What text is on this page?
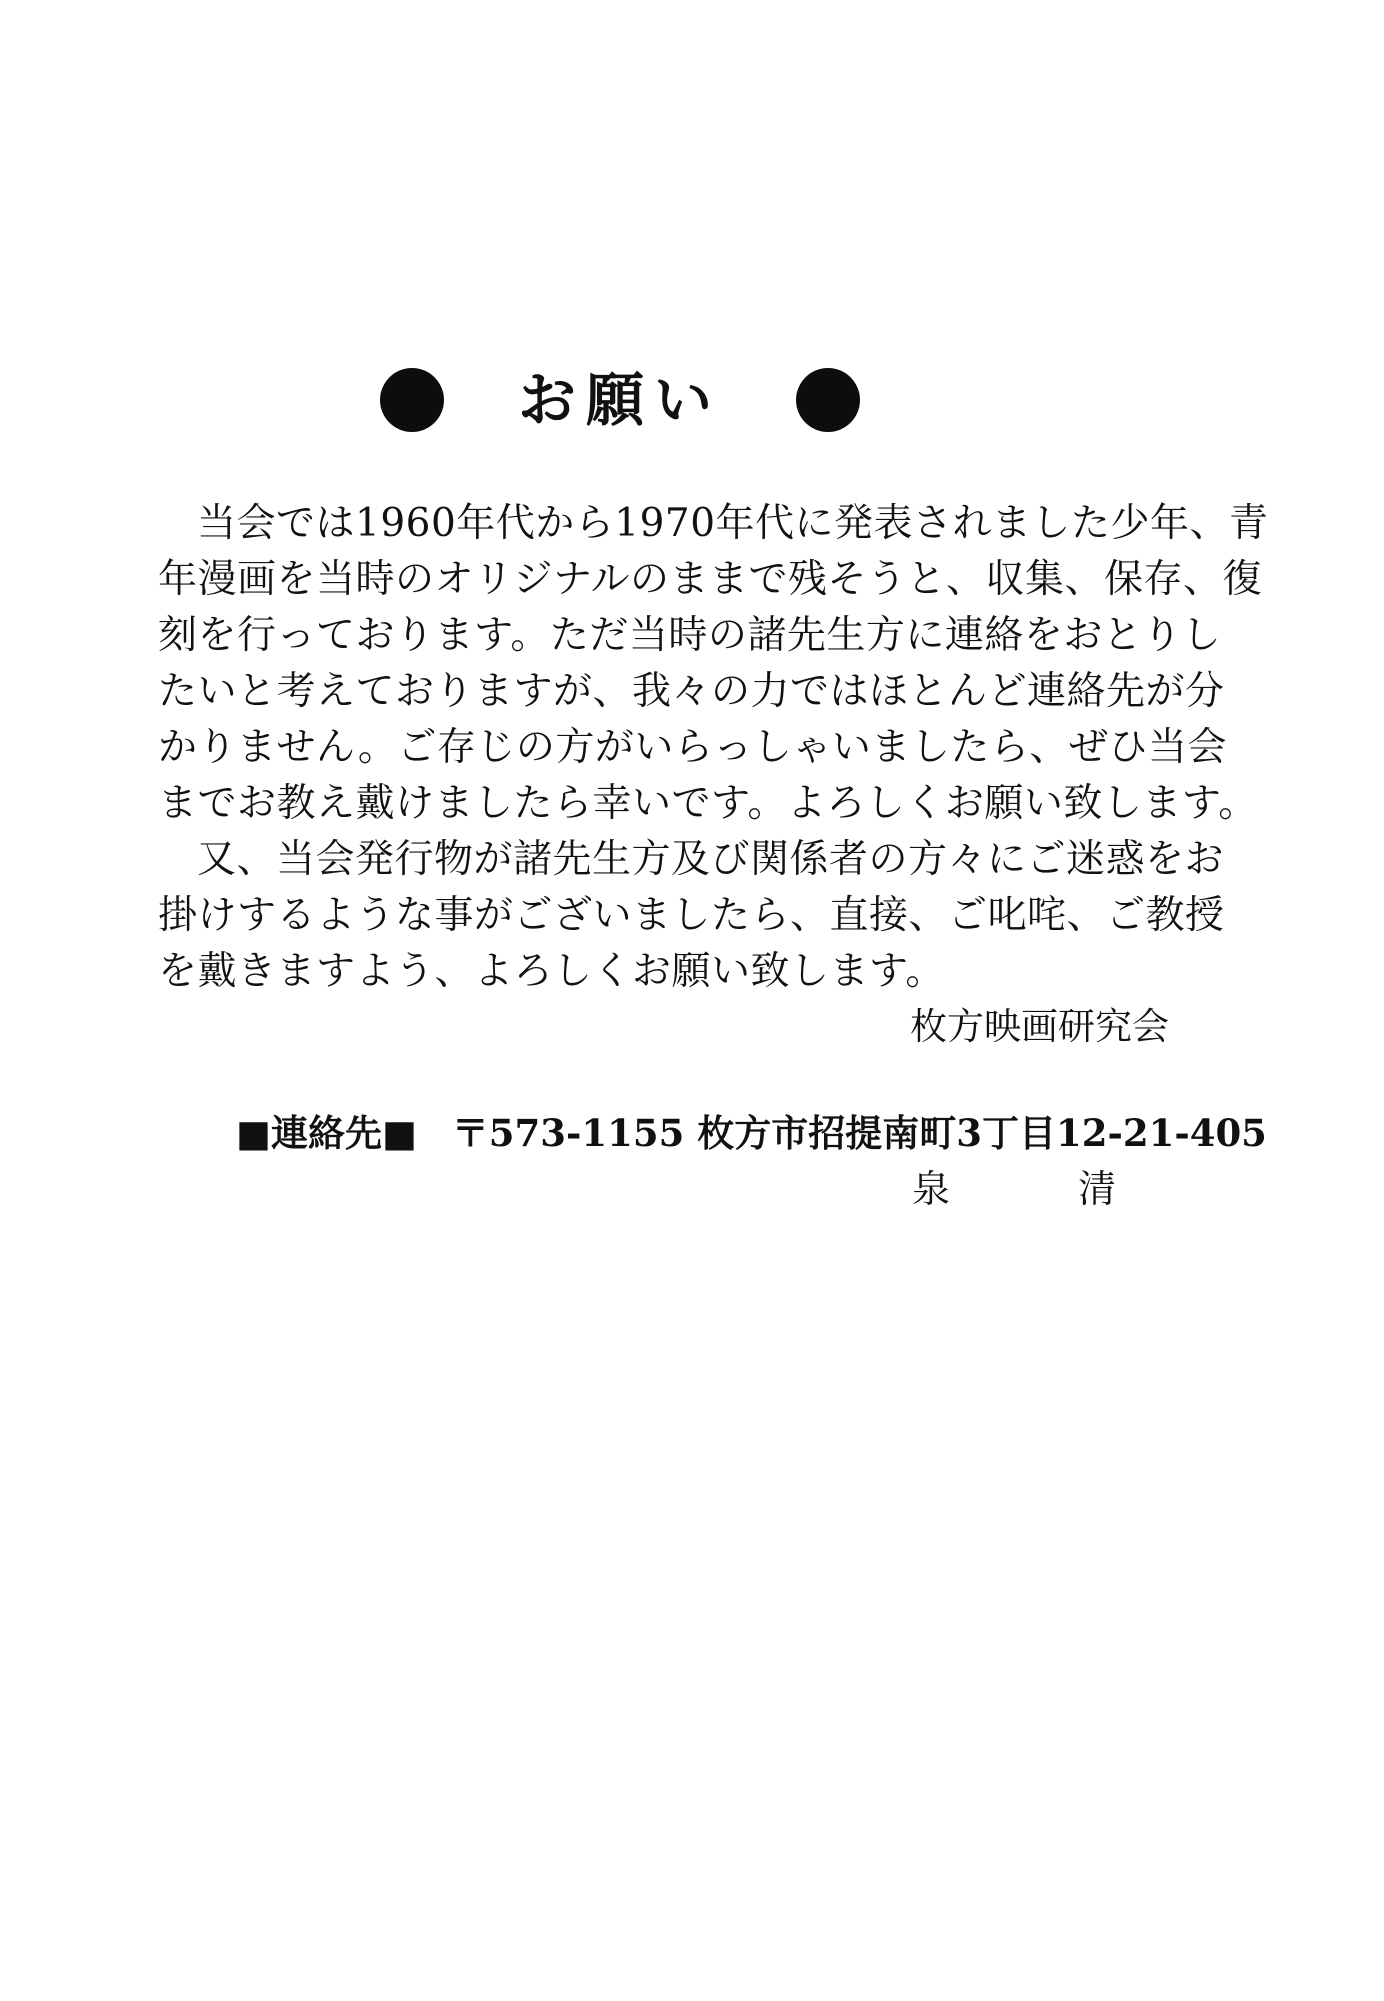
お願い

当会では1960年代から1970年代に発表されました少年、青
年漫画を当時のオリジナルのままで残そうと、収集、保存、復
刻を行っております。ただ当時の諸先生方に連絡をおとりし
たいと考えておりますが、我々の力ではほとんど連絡先が分
かりません。ご存じの方がいらっしゃいましたら、ぜひ当会
までお教え戴けましたら幸いです。よろしくお願い致します。

又、当会発行物が諸先生方及び関係者の方々にご迷惑をお
掛けするような事がございましたら、直接、ご叱咤、ご教授
を戴きますよう、よろしくお願い致します。

枚方映画研究会
■連絡先■ 〒573-1155 枚方市招提南町3丁目12-21-405
泉 清
